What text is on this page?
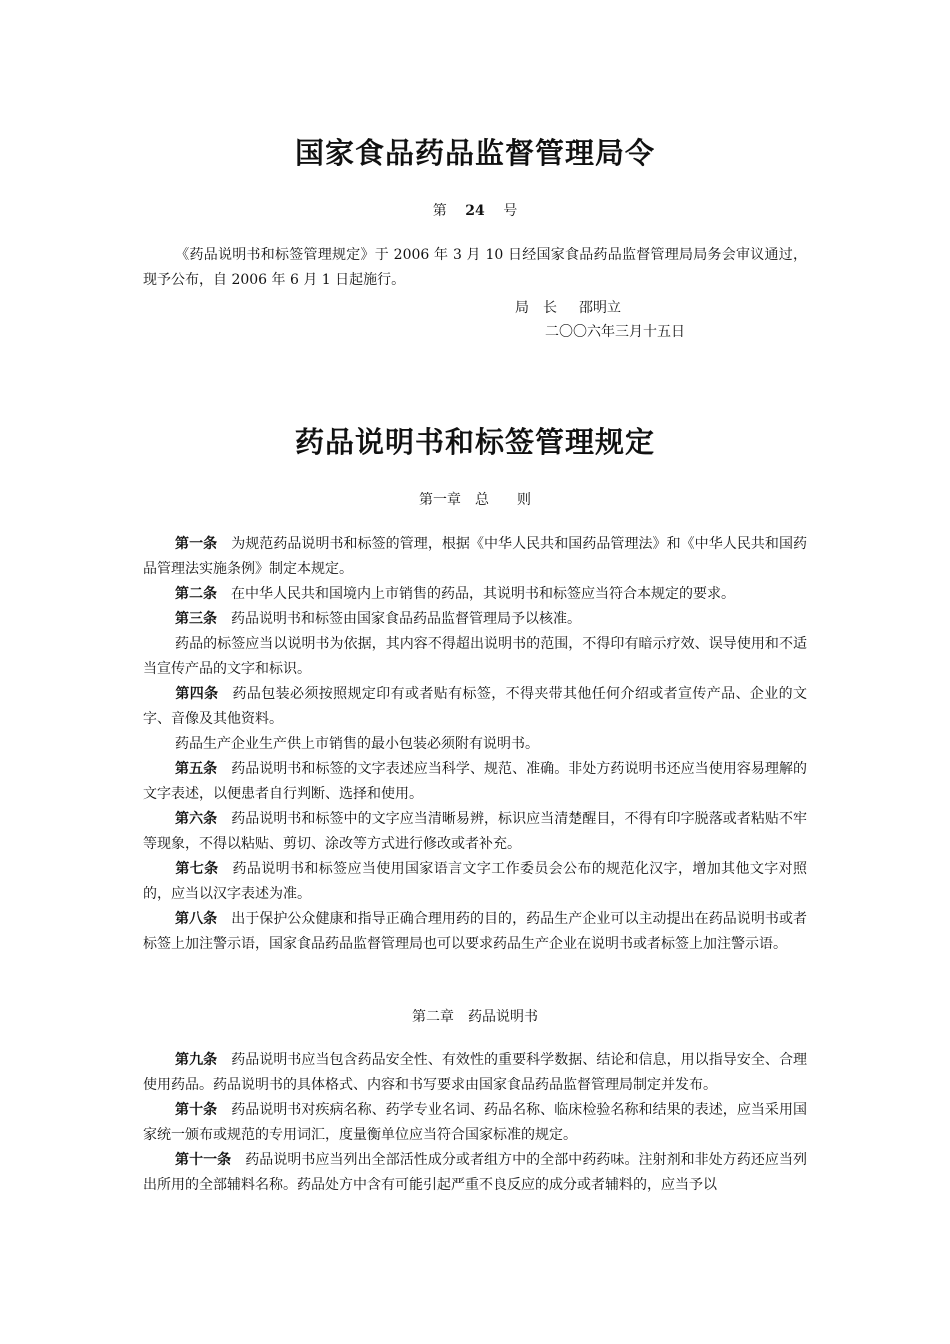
国家食品药品监督管理局令
第 24 号

《药品说明书和标签管理规定》于 2006 年 3 月 10 日经国家食品药品监督管理局局务会审议通过，现予公布，自 2006 年 6 月 1 日起施行。

局　长 邵明立
二〇〇六年三月十五日
药品说明书和标签管理规定
第一章　总　　则

第一条 为规范药品说明书和标签的管理，根据《中华人民共和国药品管理法》和《中华人民共和国药品管理法实施条例》制定本规定。

第二条 在中华人民共和国境内上市销售的药品，其说明书和标签应当符合本规定的要求。

第三条 药品说明书和标签由国家食品药品监督管理局予以核准。

药品的标签应当以说明书为依据，其内容不得超出说明书的范围，不得印有暗示疗效、误导使用和不适当宣传产品的文字和标识。

第四条 药品包装必须按照规定印有或者贴有标签，不得夹带其他任何介绍或者宣传产品、企业的文字、音像及其他资料。

药品生产企业生产供上市销售的最小包装必须附有说明书。

第五条 药品说明书和标签的文字表述应当科学、规范、准确。非处方药说明书还应当使用容易理解的文字表述，以便患者自行判断、选择和使用。

第六条 药品说明书和标签中的文字应当清晰易辨，标识应当清楚醒目，不得有印字脱落或者粘贴不牢等现象，不得以粘贴、剪切、涂改等方式进行修改或者补充。

第七条 药品说明书和标签应当使用国家语言文字工作委员会公布的规范化汉字，增加其他文字对照的，应当以汉字表述为准。

第八条 出于保护公众健康和指导正确合理用药的目的，药品生产企业可以主动提出在药品说明书或者标签上加注警示语，国家食品药品监督管理局也可以要求药品生产企业在说明书或者标签上加注警示语。

第二章　药品说明书

第九条 药品说明书应当包含药品安全性、有效性的重要科学数据、结论和信息，用以指导安全、合理使用药品。药品说明书的具体格式、内容和书写要求由国家食品药品监督管理局制定并发布。

第十条 药品说明书对疾病名称、药学专业名词、药品名称、临床检验名称和结果的表述，应当采用国家统一颁布或规范的专用词汇，度量衡单位应当符合国家标准的规定。

第十一条 药品说明书应当列出全部活性成分或者组方中的全部中药药味。注射剂和非处方药还应当列出所用的全部辅料名称。药品处方中含有可能引起严重不良反应的成分或者辅料的，应当予以
